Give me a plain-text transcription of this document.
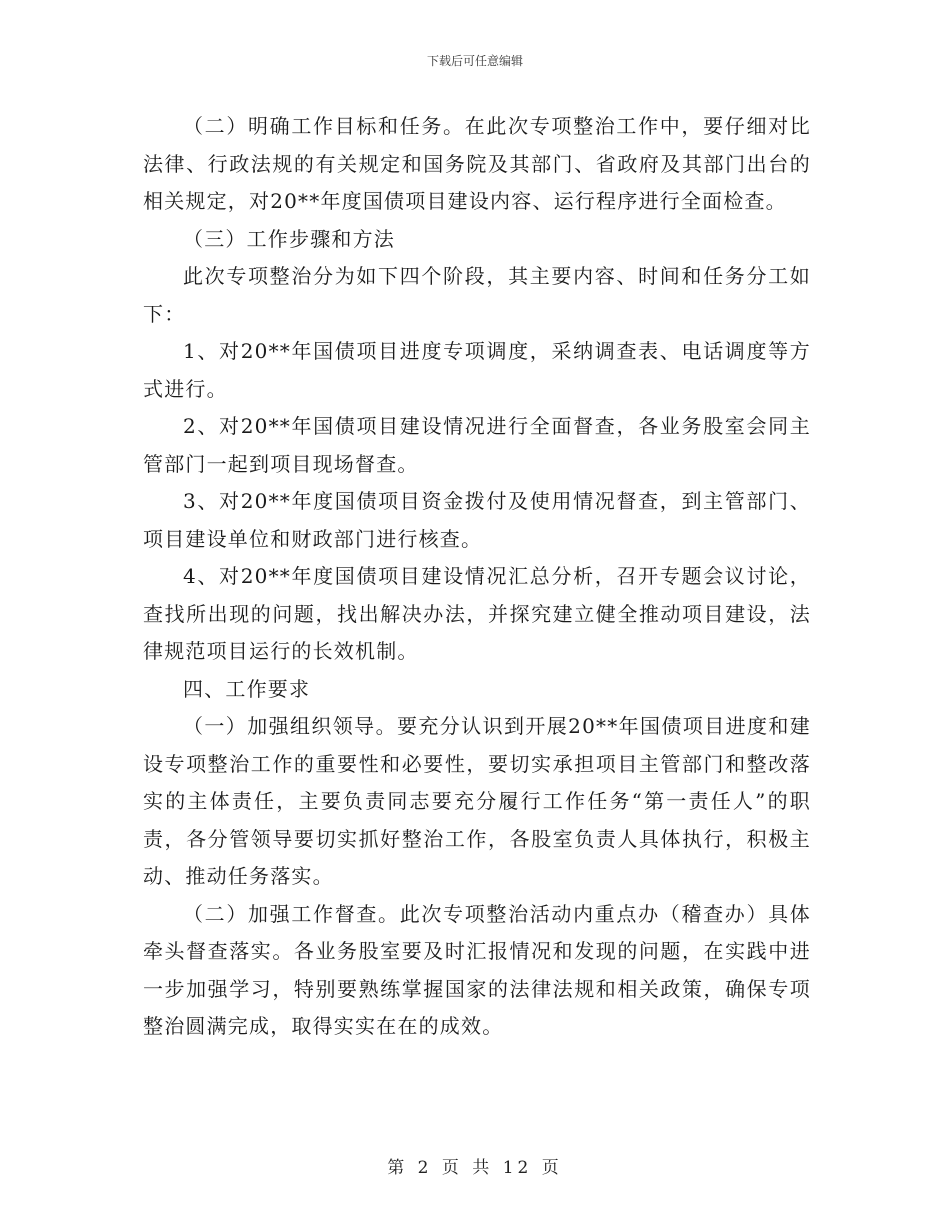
下载后可任意编辑

（二）明确工作目标和任务。在此次专项整治工作中，要仔细对比法律、行政法规的有关规定和国务院及其部门、省政府及其部门出台的相关规定，对20**年度国债项目建设内容、运行程序进行全面检查。

（三）工作步骤和方法

此次专项整治分为如下四个阶段，其主要内容、时间和任务分工如下：

1、对20**年国债项目进度专项调度，采纳调查表、电话调度等方式进行。

2、对20**年国债项目建设情况进行全面督查，各业务股室会同主管部门一起到项目现场督查。

3、对20**年度国债项目资金拨付及使用情况督查，到主管部门、项目建设单位和财政部门进行核查。

4、对20**年度国债项目建设情况汇总分析，召开专题会议讨论，查找所出现的问题，找出解决办法，并探究建立健全推动项目建设，法律规范项目运行的长效机制。

四、工作要求

（一）加强组织领导。要充分认识到开展20**年国债项目进度和建设专项整治工作的重要性和必要性，要切实承担项目主管部门和整改落实的主体责任，主要负责同志要充分履行工作任务“第一责任人”的职责，各分管领导要切实抓好整治工作，各股室负责人具体执行，积极主动、推动任务落实。

（二）加强工作督查。此次专项整治活动内重点办（稽查办）具体牵头督查落实。各业务股室要及时汇报情况和发现的问题，在实践中进一步加强学习，特别要熟练掌握国家的法律法规和相关政策，确保专项整治圆满完成，取得实实在在的成效。

第 2 页 共 12 页
